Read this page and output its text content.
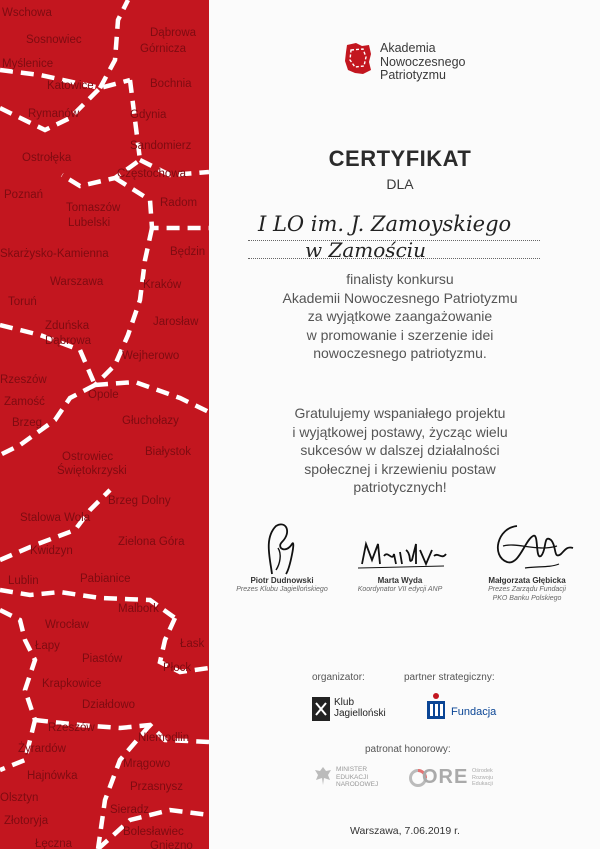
Wschowa
Sosnowiec
Dąbrowa
Górnicza
Myślenice
Katowice	Bochnia
Rymanów	Gdynia
Sandomierz
Ostrołęka
Częstochowa
Poznań
Tomaszów
Lubelski
Radom
Skarżysko-Kamienna	Będzin
Warszawa	Kraków
Toruń
Zduńska
Dąbrowa
Jarosław
Wejherowo
Rzeszów
Opole
Zamość
Głuchołazy
Brzeg
Białystok
Ostrowiec
Świętokrzyski
Brzeg Dolny
Stalowa Wola
Zielona Góra
Kwidzyn
Lublin	Pabianice
Malbork
Wrocław
Łapy	Łask
Piastów
Płock
Krapkowice
Działdowo
Rzeszów
Niemodlin
Żyrardów
Mrągowo
Hajnówka
Przasnysz
Olsztyn
Sieradz
Złotoryja
Bolesławiec
Łęczna	Gniezno
Akademia Nowoczesnego Patriotyzmu
CERTYFIKAT
DLA
I LO im. J. Zamoyskiego
w Zamościu
finalisty konkursu
Akademii Nowoczesnego Patriotyzmu
za wyjątkowe zaangażowanie
w promowanie i szerzenie idei
nowoczesnego patriotyzmu.
Gratulujemy wspaniałego projektu
i wyjątkowej postawy, życząc wielu
sukcesów w dalszej działalności
społecznej i krzewieniu postaw
patriotycznych!
Piotr Dudnowski
Prezes Klubu Jagiellońskiego
Marta Wyda
Koordynator VII edycji ANP
Małgorzata Głębicka
Prezes Zarządu Fundacji
PKO Banku Polskiego
organizator:	partner strategiczny:
Klub
Jagielloński	Fundacja
patronat honorowy:
MINISTER
EDUKACJI
NARODOWEJ ORE Ośrodek
Rozwoju
Edukacji
Warszawa, 7.06.2019 r.
